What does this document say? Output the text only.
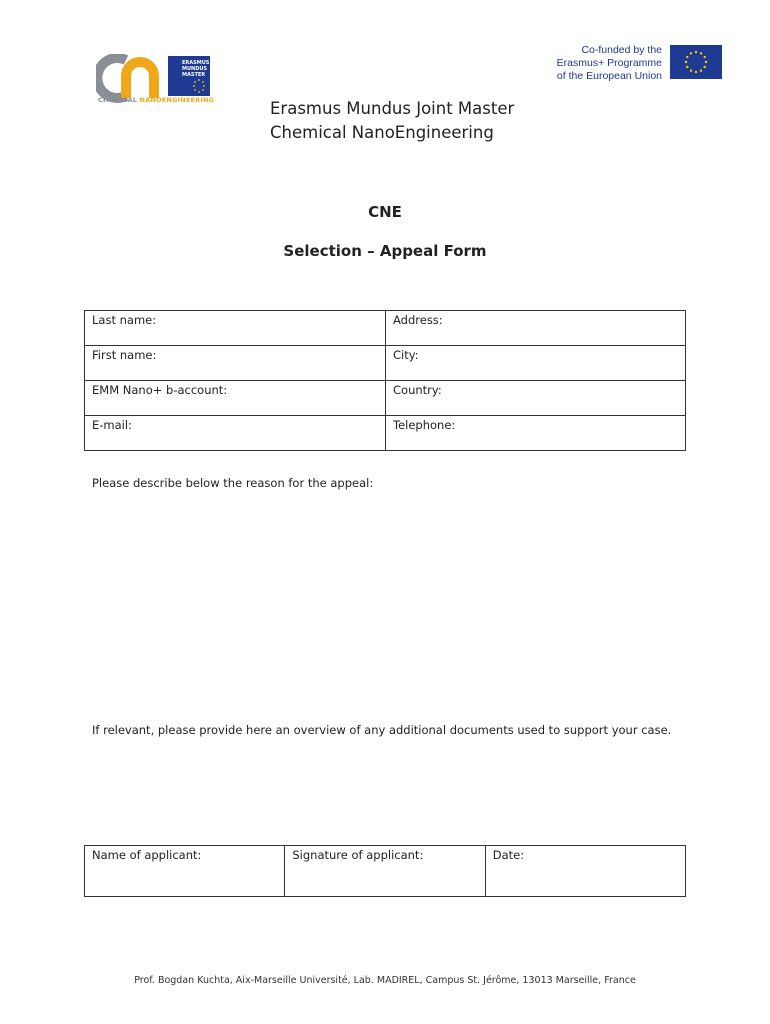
ERASMUS
MUNDUS
MASTER
CHEMICAL NANOENGINEERING
Co-funded by the
Erasmus+ Programme
of the European Union
Erasmus Mundus Joint Master
Chemical NanoEngineering
CNE
Selection – Appeal Form
Last name:	Address:
First name:	City:
EMM Nano+ b-account:	Country:
E-mail:	Telephone:
Please describe below the reason for the appeal:
If relevant, please provide here an overview of any additional documents used to support your case.
Name of applicant:	Signature of applicant:	Date:
Prof. Bogdan Kuchta, Aix-Marseille Université, Lab. MADIREL, Campus St. Jérôme, 13013 Marseille, France
